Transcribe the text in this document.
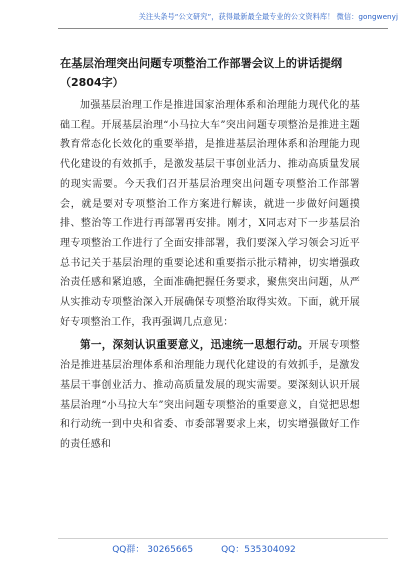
关注头条号“公文研究”，获得最新最全最专业的公文资料库！ 微信：gongwenyj
在基层治理突出问题专项整治工作部署会议上的讲话提纲
（2804字）

加强基层治理工作是推进国家治理体系和治理能力现代化的基础工程。开展基层治理“小马拉大车”突出问题专项整治是推进主题教育常态化长效化的重要举措，是推进基层治理体系和治理能力现代化建设的有效抓手，是激发基层干事创业活力、推动高质量发展的现实需要。今天我们召开基层治理突出问题专项整治工作部署会，就是要对专项整治工作方案进行解读，就进一步做好问题摸排、整治等工作进行再部署再安排。刚才，X同志对下一步基层治理专项整治工作进行了全面安排部署，我们要深入学习领会习近平总书记关于基层治理的重要论述和重要指示批示精神，切实增强政治责任感和紧迫感，全面准确把握任务要求，聚焦突出问题，从严从实推动专项整治深入开展确保专项整治取得实效。下面，就开展好专项整治工作，我再强调几点意见：

第一，深刻认识重要意义，迅速统一思想行动。开展专项整治是推进基层治理体系和治理能力现代化建设的有效抓手，是激发基层干事创业活力、推动高质量发展的现实需要。要深刻认识开展基层治理“小马拉大车”突出问题专项整治的重要意义，自觉把思想和行动统一到中央和省委、市委部署要求上来，切实增强做好工作的责任感和

QQ群： 30265665	QQ：535304092
